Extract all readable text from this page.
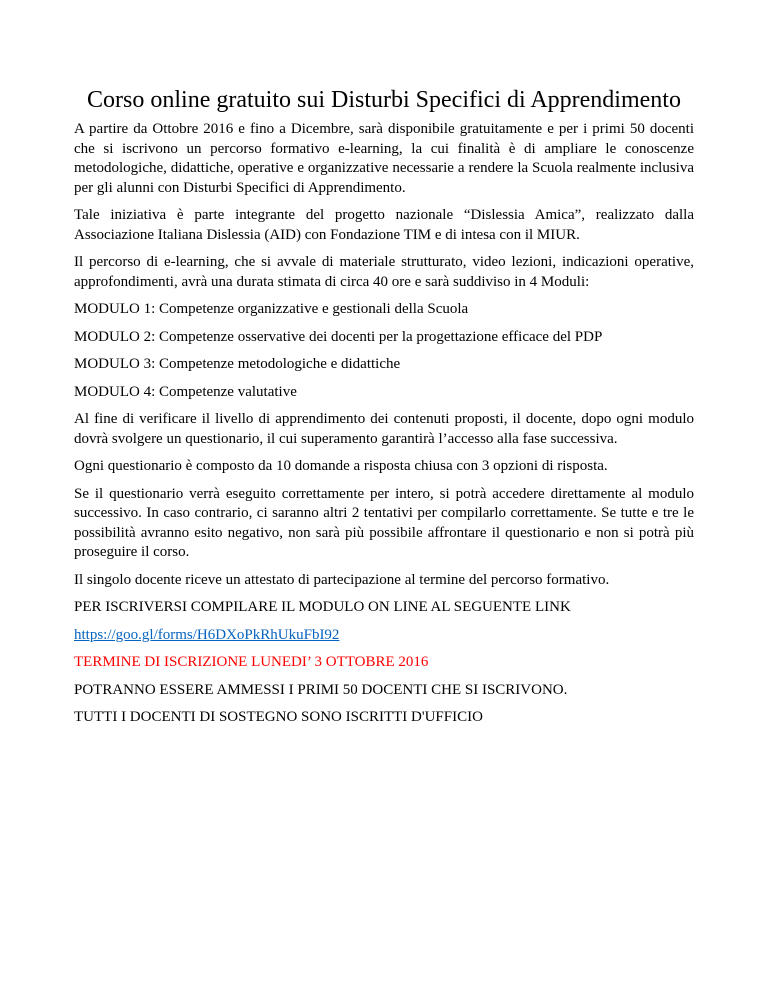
Corso online gratuito sui Disturbi Specifici di Apprendimento

A partire da Ottobre 2016 e fino a Dicembre, sarà disponibile gratuitamente e per i primi 50 docenti che si iscrivono un percorso formativo e-learning, la cui finalità è di ampliare le conoscenze metodologiche, didattiche, operative e organizzative necessarie a rendere la Scuola realmente inclusiva per gli alunni con Disturbi Specifici di Apprendimento.

Tale iniziativa è parte integrante del progetto nazionale “Dislessia Amica”, realizzato dalla Associazione Italiana Dislessia (AID) con Fondazione TIM e di intesa con il MIUR.

Il percorso di e-learning, che si avvale di materiale strutturato, video lezioni, indicazioni operative, approfondimenti, avrà una durata stimata di circa 40 ore e sarà suddiviso in 4 Moduli:

MODULO 1: Competenze organizzative e gestionali della Scuola

MODULO 2: Competenze osservative dei docenti per la progettazione efficace del PDP

MODULO 3: Competenze metodologiche e didattiche

MODULO 4: Competenze valutative

Al fine di verificare il livello di apprendimento dei contenuti proposti, il docente, dopo ogni modulo dovrà svolgere un questionario, il cui superamento garantirà l’accesso alla fase successiva.

Ogni questionario è composto da 10 domande a risposta chiusa con 3 opzioni di risposta.

Se il questionario verrà eseguito correttamente per intero, si potrà accedere direttamente al modulo successivo. In caso contrario, ci saranno altri 2 tentativi per compilarlo correttamente. Se tutte e tre le possibilità avranno esito negativo, non sarà più possibile affrontare il questionario e non si potrà più proseguire il corso.

Il singolo docente riceve un attestato di partecipazione al termine del percorso formativo.

PER ISCRIVERSI COMPILARE IL MODULO ON LINE AL SEGUENTE LINK

https://goo.gl/forms/H6DXoPkRhUkuFbI92

TERMINE DI ISCRIZIONE LUNEDI’ 3 OTTOBRE 2016

POTRANNO ESSERE AMMESSI I PRIMI 50 DOCENTI CHE SI ISCRIVONO.

TUTTI I DOCENTI DI SOSTEGNO SONO ISCRITTI D'UFFICIO
